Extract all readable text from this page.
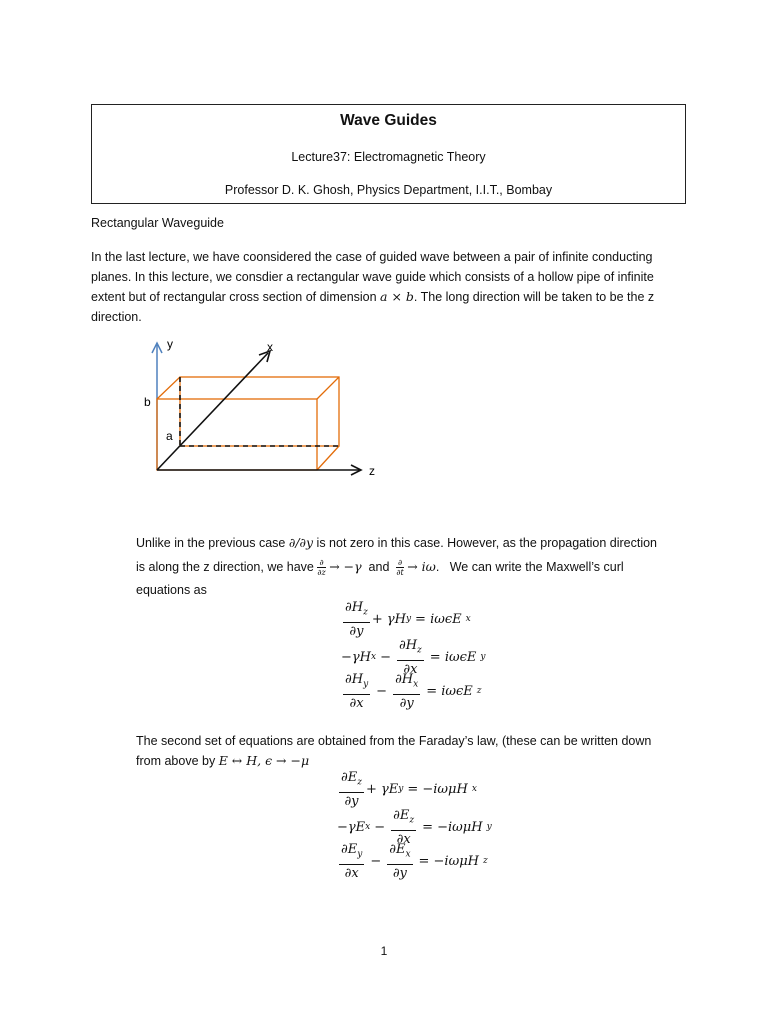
Wave Guides
Lecture37: Electromagnetic Theory
Professor D. K. Ghosh, Physics Department, I.I.T., Bombay
Rectangular Waveguide
In the last lecture, we have coonsidered the case of guided wave between a pair of infinite conducting
planes. In this lecture, we consdier a rectangular wave guide which consists of a hollow pipe of infinite
extent but of rectangular cross section of dimension a × b. The long direction will be taken to be the z
direction.
y	x
z
b
a
Unlike in the previous case ∂/∂y is not zero in this case. However, as the propagation direction
is along the z direction, we have $\frac{\partial}{\partial z} \to -\gamma$  and $\frac{\partial}{\partial t} \to i\omega$.   We can write the Maxwell’s curl
equations as
$\partial H_z$
∂y
+ γH y = iωϵE x
−γH $x - \frac{\partial H_z}{\partial x} = i\omega\epsilon E$ y
$\partial H_y$
∂x
− $\frac{\partial H_x}{\partial y} = i\omega\epsilon E$ z
The second set of equations are obtained from the Faraday’s law, (these can be written down
from above by E ↔ H, ϵ → −μ
$\partial E_z$
∂y
+ γE y = −iωμH x
−γE $x - \frac{\partial E_z}{\partial x} = -i\omega\mu H$ y
$\partial E_y$
∂x
− $\frac{\partial E_x}{\partial y} = -i\omega\mu H$ z
1
